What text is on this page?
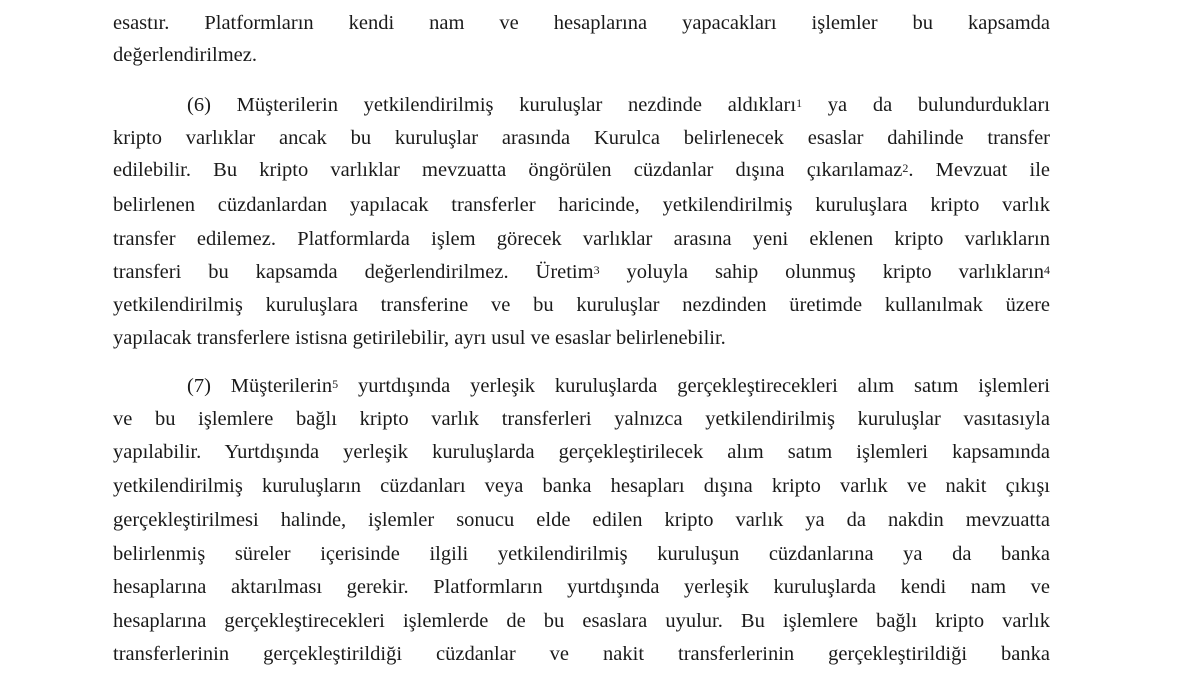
esastır. Platformların kendi nam ve hesaplarına yapacakları işlemler bu kapsamda
değerlendirilmez.
(6) Müşterilerin yetkilendirilmiş kuruluşlar nezdinde aldıkları$^1$ ya da bulundurdukları
kripto varlıklar ancak bu kuruluşlar arasında Kurulca belirlenecek esaslar dahilinde transfer
edilebilir. Bu kripto varlıklar mevzuatta öngörülen cüzdanlar dışına çıkarılamaz$^2$. Mevzuat ile
belirlenen cüzdanlardan yapılacak transferler haricinde, yetkilendirilmiş kuruluşlara kripto varlık
transfer edilemez. Platformlarda işlem görecek varlıklar arasına yeni eklenen kripto varlıkların
transferi bu kapsamda değerlendirilmez. Üretim$^3$ yoluyla sahip olunmuş kripto varlıkların$^4$
yetkilendirilmiş kuruluşlara transferine ve bu kuruluşlar nezdinden üretimde kullanılmak üzere
yapılacak transferlere istisna getirilebilir, ayrı usul ve esaslar belirlenebilir.
(7) Müşterilerin$^5$ yurtdışında yerleşik kuruluşlarda gerçekleştirecekleri alım satım işlemleri
ve bu işlemlere bağlı kripto varlık transferleri yalnızca yetkilendirilmiş kuruluşlar vasıtasıyla
yapılabilir. Yurtdışında yerleşik kuruluşlarda gerçekleştirilecek alım satım işlemleri kapsamında
yetkilendirilmiş kuruluşların cüzdanları veya banka hesapları dışına kripto varlık ve nakit çıkışı
gerçekleştirilmesi halinde, işlemler sonucu elde edilen kripto varlık ya da nakdin mevzuatta
belirlenmiş süreler içerisinde ilgili yetkilendirilmiş kuruluşun cüzdanlarına ya da banka
hesaplarına aktarılması gerekir. Platformların yurtdışında yerleşik kuruluşlarda kendi nam ve
hesaplarına gerçekleştirecekleri işlemlerde de bu esaslara uyulur. Bu işlemlere bağlı kripto varlık
transferlerinin gerçekleştirildiği cüzdanlar ve nakit transferlerinin gerçekleştirildiği banka
